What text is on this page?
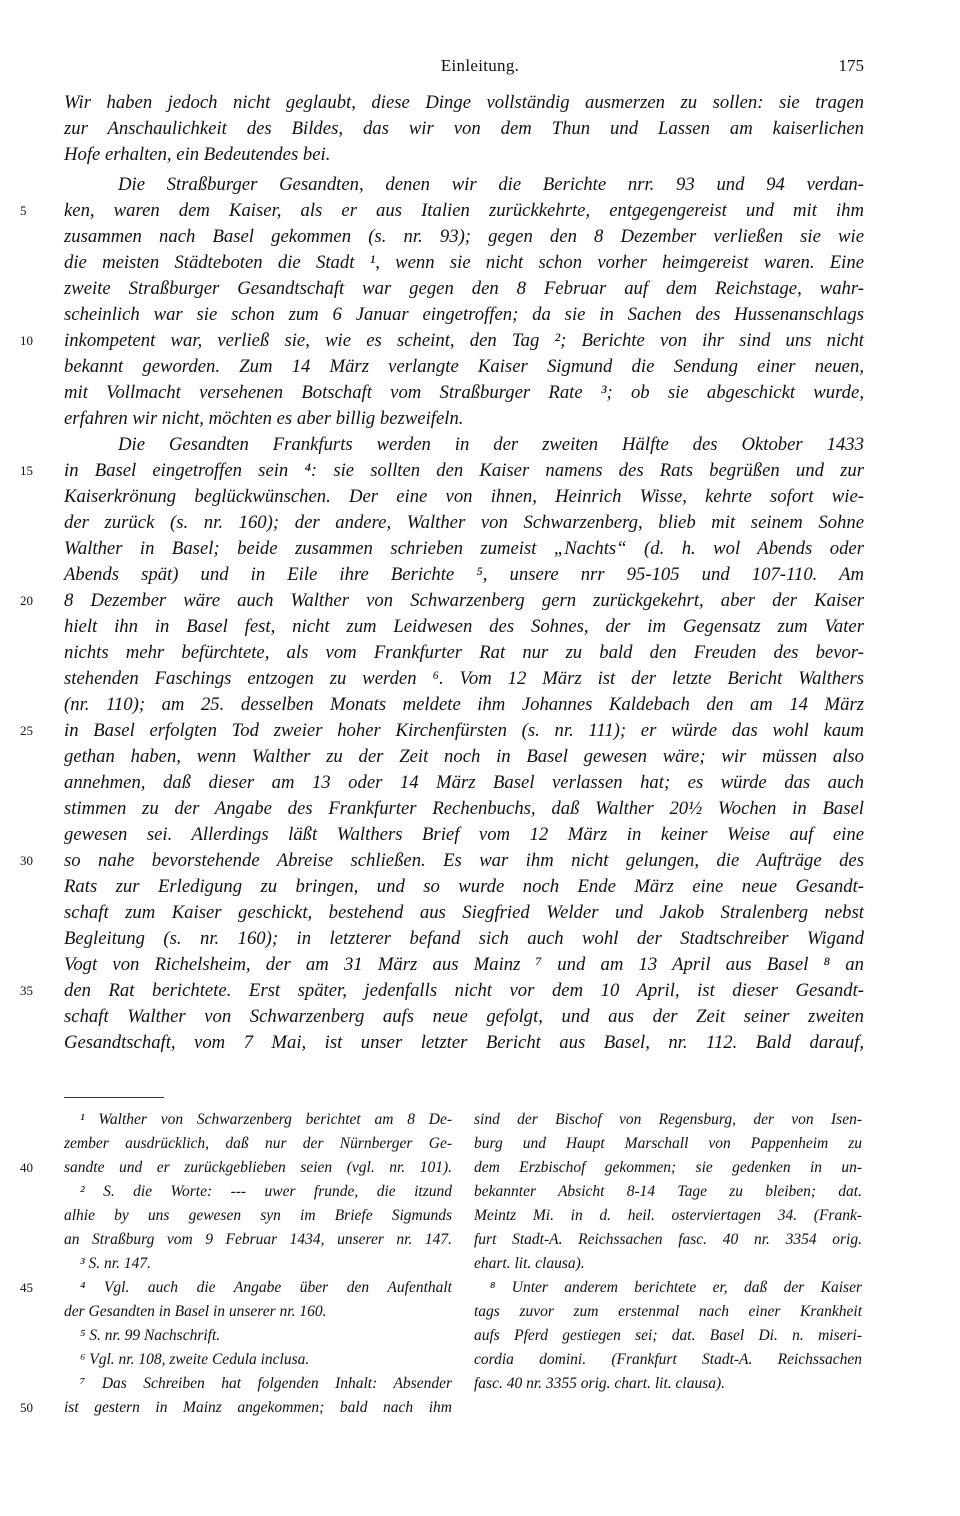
Einleitung.	175
Wir haben jedoch nicht geglaubt, diese Dinge vollständig ausmerzen zu sollen: sie tragen
zur Anschaulichkeit des Bildes, das wir von dem Thun und Lassen am kaiserlichen
Hofe erhalten, ein Bedeutendes bei.
Die Straßburger Gesandten, denen wir die Berichte nrr. 93 und 94 verdan-
ken, waren dem Kaiser, als er aus Italien zurückkehrte, entgegengereist und mit ihm
zusammen nach Basel gekommen (s. nr. 93); gegen den 8 Dezember verließen sie wie
die meisten Städteboten die Stadt ¹, wenn sie nicht schon vorher heimgereist waren. Eine
zweite Straßburger Gesandtschaft war gegen den 8 Februar auf dem Reichstage, wahr-
scheinlich war sie schon zum 6 Januar eingetroffen; da sie in Sachen des Hussenanschlags
inkompetent war, verließ sie, wie es scheint, den Tag ²; Berichte von ihr sind uns nicht
bekannt geworden. Zum 14 März verlangte Kaiser Sigmund die Sendung einer neuen,
mit Vollmacht versehenen Botschaft vom Straßburger Rate ³; ob sie abgeschickt wurde,
erfahren wir nicht, möchten es aber billig bezweifeln.
Die Gesandten Frankfurts werden in der zweiten Hälfte des Oktober 1433
in Basel eingetroffen sein ⁴: sie sollten den Kaiser namens des Rats begrüßen und zur
Kaiserkrönung beglückwünschen. Der eine von ihnen, Heinrich Wisse, kehrte sofort wie-
der zurück (s. nr. 160); der andere, Walther von Schwarzenberg, blieb mit seinem Sohne
Walther in Basel; beide zusammen schrieben zumeist „Nachts“ (d. h. wol Abends oder
Abends spät) und in Eile ihre Berichte ⁵, unsere nrr 95-105 und 107-110. Am
8 Dezember wäre auch Walther von Schwarzenberg gern zurückgekehrt, aber der Kaiser
hielt ihn in Basel fest, nicht zum Leidwesen des Sohnes, der im Gegensatz zum Vater
nichts mehr befürchtete, als vom Frankfurter Rat nur zu bald den Freuden des bevor-
stehenden Faschings entzogen zu werden ⁶. Vom 12 März ist der letzte Bericht Walthers
(nr. 110); am 25. desselben Monats meldete ihm Johannes Kaldebach den am 14 März
in Basel erfolgten Tod zweier hoher Kirchenfürsten (s. nr. 111); er würde das wohl kaum
gethan haben, wenn Walther zu der Zeit noch in Basel gewesen wäre; wir müssen also
annehmen, daß dieser am 13 oder 14 März Basel verlassen hat; es würde das auch
stimmen zu der Angabe des Frankfurter Rechenbuchs, daß Walther 20½ Wochen in Basel
gewesen sei. Allerdings läßt Walthers Brief vom 12 März in keiner Weise auf eine
so nahe bevorstehende Abreise schließen. Es war ihm nicht gelungen, die Aufträge des
Rats zur Erledigung zu bringen, und so wurde noch Ende März eine neue Gesandt-
schaft zum Kaiser geschickt, bestehend aus Siegfried Welder und Jakob Stralenberg nebst
Begleitung (s. nr. 160); in letzterer befand sich auch wohl der Stadtschreiber Wigand
Vogt von Richelsheim, der am 31 März aus Mainz ⁷ und am 13 April aus Basel ⁸ an
den Rat berichtete. Erst später, jedenfalls nicht vor dem 10 April, ist dieser Gesandt-
schaft Walther von Schwarzenberg aufs neue gefolgt, und aus der Zeit seiner zweiten
Gesandtschaft, vom 7 Mai, ist unser letzter Bericht aus Basel, nr. 112. Bald darauf,
5
10
15
20
25
30
35
¹ Walther von Schwarzenberg berichtet am 8 De-
zember ausdrücklich, daß nur der Nürnberger Ge-
sandte und er zurückgeblieben seien (vgl. nr. 101).
² S. die Worte: --- uwer frunde, die itzund
alhie by uns gewesen syn im Briefe Sigmunds
an Straßburg vom 9 Februar 1434, unserer nr. 147.
³ S. nr. 147.
⁴ Vgl. auch die Angabe über den Aufenthalt
der Gesandten in Basel in unserer nr. 160.
⁵ S. nr. 99 Nachschrift.
⁶ Vgl. nr. 108, zweite Cedula inclusa.
⁷ Das Schreiben hat folgenden Inhalt: Absender
ist gestern in Mainz angekommen; bald nach ihm
sind der Bischof von Regensburg, der von Isen-
burg und Haupt Marschall von Pappenheim zu
dem Erzbischof gekommen; sie gedenken in un-
bekannter Absicht 8-14 Tage zu bleiben; dat.
Meintz Mi. in d. heil. osterviertagen 34. (Frank-
furt Stadt-A. Reichssachen fasc. 40 nr. 3354 orig.
ehart. lit. clausa).
⁸ Unter anderem berichtete er, daß der Kaiser
tags zuvor zum erstenmal nach einer Krankheit
aufs Pferd gestiegen sei; dat. Basel Di. n. miseri-
cordia domini. (Frankfurt Stadt-A. Reichssachen
fasc. 40 nr. 3355 orig. chart. lit. clausa).
40
45
50
